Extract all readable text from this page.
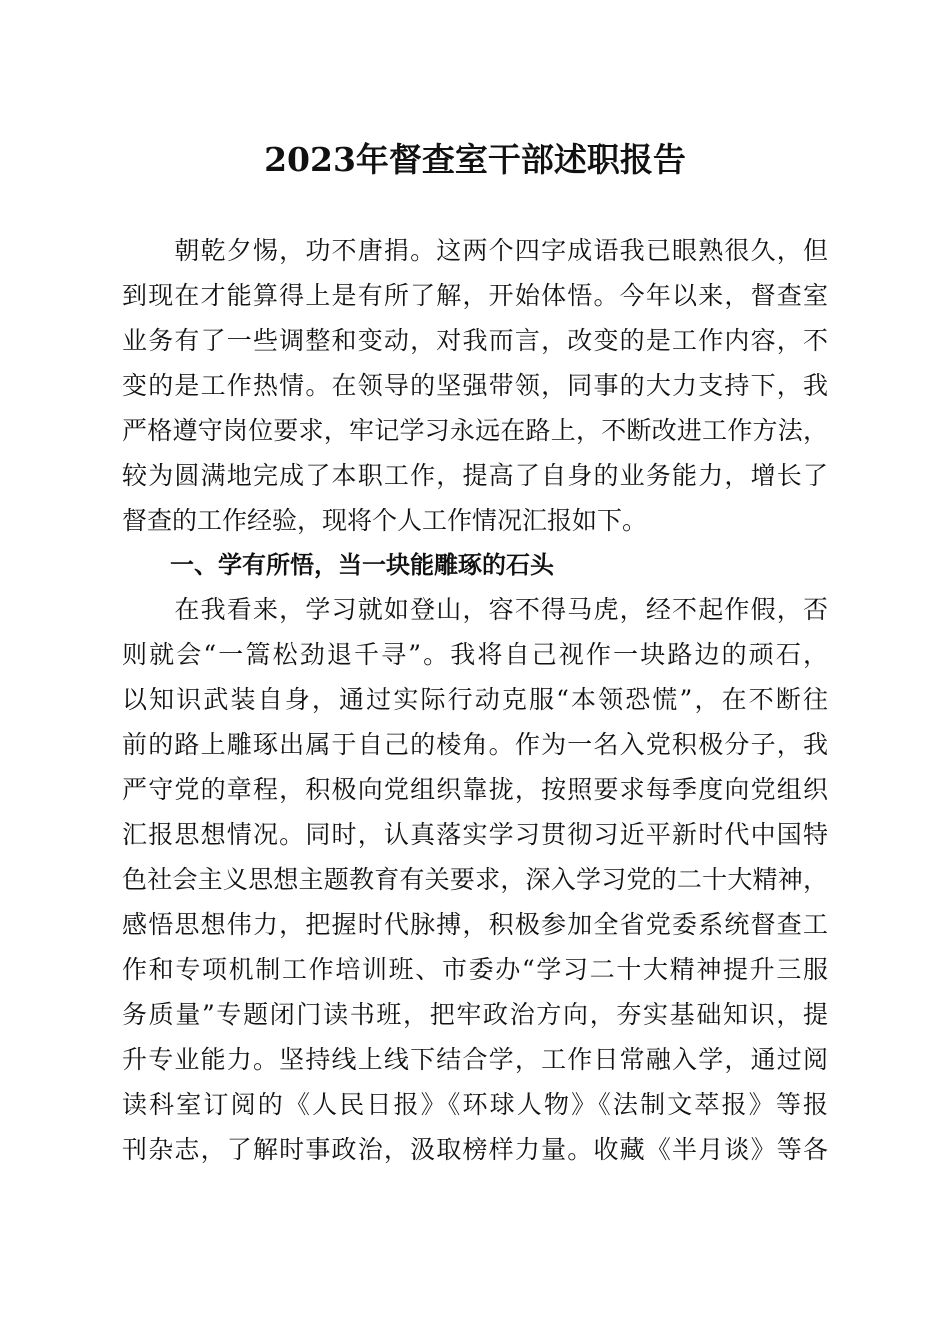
2023年督查室干部述职报告
　　朝乾夕惕，功不唐捐。这两个四字成语我已眼熟很久，但
到现在才能算得上是有所了解，开始体悟。今年以来，督查室
业务有了一些调整和变动，对我而言，改变的是工作内容，不
变的是工作热情。在领导的坚强带领，同事的大力支持下，我
严格遵守岗位要求，牢记学习永远在路上，不断改进工作方法，
较为圆满地完成了本职工作，提高了自身的业务能力，增长了
督查的工作经验，现将个人工作情况汇报如下。
一、学有所悟，当一块能雕琢的石头
　　在我看来，学习就如登山，容不得马虎，经不起作假，否
则就会“一篙松劲退千寻”。我将自己视作一块路边的顽石，
以知识武装自身，通过实际行动克服“本领恐慌”，在不断往
前的路上雕琢出属于自己的棱角。作为一名入党积极分子，我
严守党的章程，积极向党组织靠拢，按照要求每季度向党组织
汇报思想情况。同时，认真落实学习贯彻习近平新时代中国特
色社会主义思想主题教育有关要求，深入学习党的二十大精神，
感悟思想伟力，把握时代脉搏，积极参加全省党委系统督查工
作和专项机制工作培训班、市委办“学习二十大精神提升三服
务质量”专题闭门读书班，把牢政治方向，夯实基础知识，提
升专业能力。坚持线上线下结合学，工作日常融入学，通过阅
读科室订阅的《人民日报》《环球人物》《法制文萃报》等报
刊杂志，了解时事政治，汲取榜样力量。收藏《半月谈》等各
